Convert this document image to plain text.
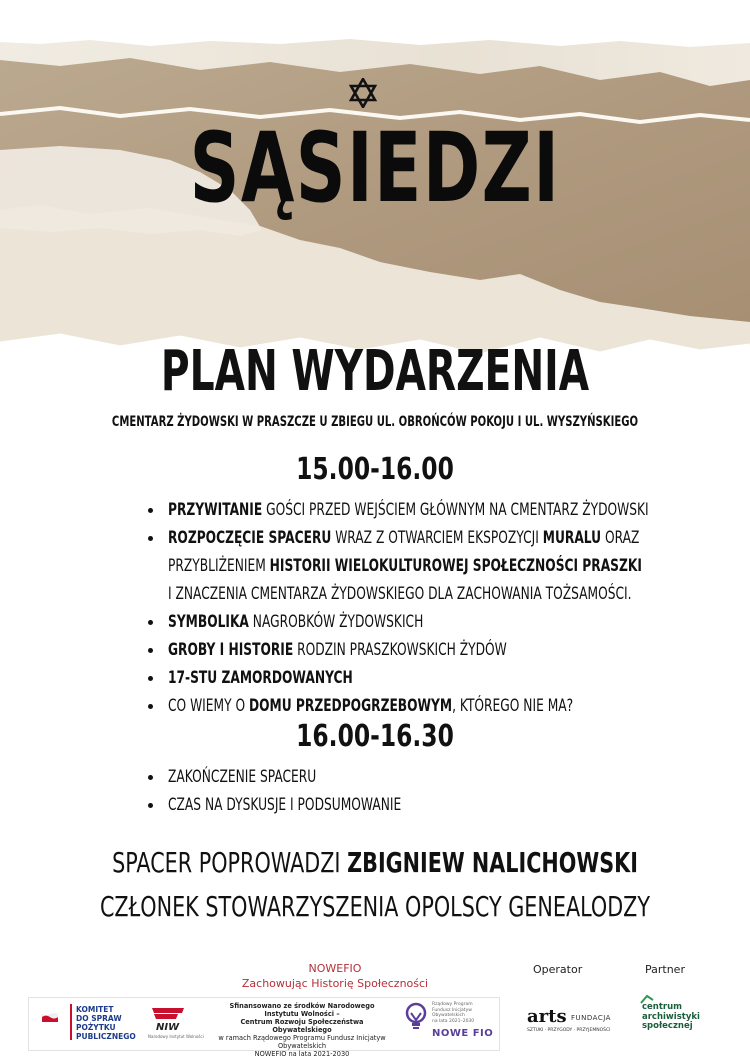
SĄSIEDZI
PLAN WYDARZENIA
CMENTARZ ŻYDOWSKI W PRASZCZE U ZBIEGU UL. OBROŃCÓW POKOJU I UL. WYSZYŃSKIEGO
15.00-16.00
PRZYWITANIE GOŚCI PRZED WEJŚCIEM GŁÓWNYM NA CMENTARZ ŻYDOWSKI
ROZPOCZĘCIE SPACERU WRAZ Z OTWARCIEM EKSPOZYCJI MURALU ORAZ
PRZYBLIŻENIEM HISTORII WIELOKULTUROWEJ SPOŁECZNOŚCI PRASZKI
I ZNACZENIA CMENTARZA ŻYDOWSKIEGO DLA ZACHOWANIA TOŻSAMOŚCI.
SYMBOLIKA NAGROBKÓW ŻYDOWSKICH
GROBY I HISTORIE RODZIN PRASZKOWSKICH ŻYDÓW
17-STU ZAMORDOWANYCH
CO WIEMY O DOMU PRZEDPOGRZEBOWYM, KTÓREGO NIE MA?
16.00-16.30
ZAKOŃCZENIE SPACERU
CZAS NA DYSKUSJE I PODSUMOWANIE
SPACER POPROWADZI ZBIGNIEW NALICHOWSKI
CZŁONEK STOWARZYSZENIA OPOLSCY GENEALODZY
NOWEFIO
Zachowując Historię Społeczności
Operator	Partner
KOMITET
DO SPRAW
POŻYTKU
PUBLICZNEGO
NIW
Narodowy Instytut Wolności
Sfinansowano ze środków Narodowego Instytutu Wolności –
Centrum Rozwoju Społeczeństwa Obywatelskiego
w ramach Rządowego Programu Fundusz Inicjatyw Obywatelskich
NOWEFIO na lata 2021-2030
Rządowy Program
Fundusz Inicjatyw
Obywatelskich
na lata 2021–2030
NOWE FIO
arts FUNDACJA
SZTUKI · PRZYGODY · PRZYJEMNOŚCI
centrum
archiwistyki
społecznej
